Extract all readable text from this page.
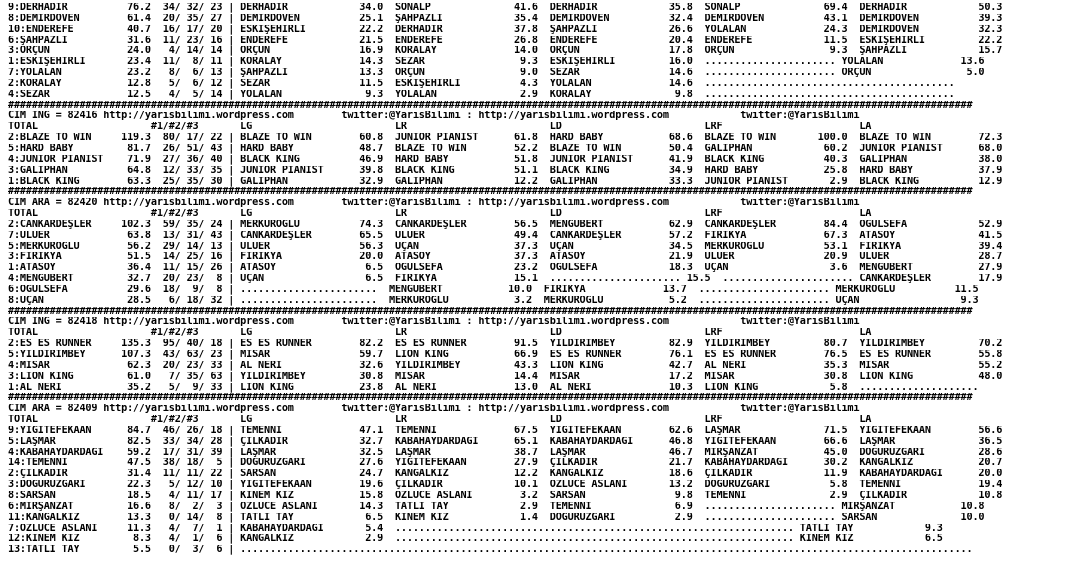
9:DERHADIR          76.2  34/ 32/ 23 | DERHADIR            34.0  SONALP              41.6  DERHADIR            35.8  SONALP              69.4  DERHADIR            50.3
8:DEMIRDÖVEN        61.4  20/ 35/ 27 | DEMIRDÖVEN          25.1  ŞAHPAZLI            35.4  DEMIRDÖVEN          32.4  DEMIRDÖVEN          43.1  DEMIRDÖVEN          39.3
10:ENDEREFE         40.7  16/ 17/ 20 | ESKİŞEHİRLİ         22.2  DERHADIR            37.8  ŞAHPAZLI            26.6  YOLALAN             24.3  DEMIRDÖVEN          32.3
6:ŞAHPAZLI          31.6  11/ 23/ 16 | ENDEREFE            21.5  ENDEREFE            26.8  ENDEREFE            20.4  ENDEREFE            11.5  ESKİŞEHİRLİ         22.2
3:ORÇUN             24.0   4/ 14/ 14 | ORÇUN               16.9  KORALAY             14.0  ORÇUN               17.8  ORÇUN                9.3  ŞAHPAZLI            15.7
1:ESKİŞEHİRLİ       23.4  11/  8/ 11 | KORALAY             14.3  SEZAR                9.3  ESKİŞEHİRLİ         16.0  ...................... YOLALAN             13.6
7:YOLALAN           23.2   8/  6/ 13 | ŞAHPAZLI            13.3  ORÇUN                9.0  SEZAR               14.6  ...................... ORÇUN                5.0
2:KORALAY           12.8   5/  6/ 12 | SEZAR               11.5  ESKİŞEHİRLİ          4.3  YOLALAN             14.6  ..........................................
4:SEZAR             12.5   4/  5/ 14 | YOLALAN              9.3  YOLALAN              2.9  KORALAY              9.8  ..........................................
##################################################################################################################################################################
CIM ING = 82416 http://yarisbilimi.wordpress.com        twitter:@YarisBilimi : http://yarisbilimi.wordpress.com            twitter:@YarisBilimi
TOTAL                   #1/#2/#3       LG                        LR                        LD                        LRF                       LA
2:BLAZE TO WIN     119.3  80/ 17/ 22 | BLAZE TO WIN        60.8  JUNIOR PIANIST      61.8  HARD BABY           68.6  BLAZE TO WIN       100.0  BLAZE TO WIN        72.3
5:HARD BABY         81.7  26/ 51/ 43 | HARD BABY           48.7  BLAZE TO WIN        52.2  BLAZE TO WIN        50.4  GALİPHAN            60.2  JUNIOR PIANIST      68.0
4:JUNIOR PIANIST    71.9  27/ 36/ 40 | BLACK KING          46.9  HARD BABY           51.8  JUNIOR PIANIST      41.9  BLACK KING          40.3  GALİPHAN            38.0
3:GALİPHAN          64.8  12/ 33/ 35 | JUNIOR PIANIST      39.8  BLACK KING          51.1  BLACK KING          34.9  HARD BABY           25.8  HARD BABY           37.9
1:BLACK KING        63.3  25/ 35/ 30 | GALİPHAN            32.9  GALİPHAN            12.2  GALİPHAN            33.3  JUNIOR PIANIST       2.9  BLACK KING          12.9
##################################################################################################################################################################
CIM ARA = 82420 http://yarisbilimi.wordpress.com        twitter:@YarisBilimi : http://yarisbilimi.wordpress.com            twitter:@YarisBilimi
TOTAL                   #1/#2/#3       LG                        LR                        LD                        LRF                       LA
2:CANKARDEŞLER     102.3  59/ 35/ 24 | MERKÜROĞLU          74.3  CANKARDEŞLER        56.5  MENGÜBERT           62.9  CANKARDEŞLER        84.4  OĞULSEFA            52.9
7:ULUER             63.8  13/ 31/ 43 | CANKARDEŞLER        65.5  ULUER               49.4  CANKARDEŞLER        57.2  FİRİKYA             67.3  ATASOY              41.5
5:MERKÜROĞLU        56.2  29/ 14/ 13 | ULUER               56.3  UÇAN                37.3  UÇAN                34.5  MERKÜROĞLU          53.1  FİRİKYA             39.4
3:FİRİKYA           51.5  14/ 25/ 16 | FİRİKYA             20.0  ATASOY              37.3  ATASOY              21.9  ULUER               20.9  ULUER               28.7
1:ATASOY            36.4  11/ 15/ 26 | ATASOY               6.5  OĞULSEFA            23.2  OĞULSEFA            18.3  UÇAN                 3.6  MENGÜBERT           27.9
4:MENGÜBERT         32.7  20/ 23/  8 | UÇAN                 6.5  FİRİKYA             15.1  ...................... 15.5  ...................... CANKARDEŞLER        17.9
6:OĞULSEFA          29.6  18/  9/  8 | .......................  MENGÜBERT           10.0  FİRİKYA             13.7  ...................... MERKÜROĞLU          11.5
8:UÇAN              28.5   6/ 18/ 32 | .......................  MERKÜROĞLU           3.2  MERKÜROĞLU           5.2  ...................... UÇAN                 9.3
##################################################################################################################################################################
CIM ING = 82418 http://yarisbilimi.wordpress.com        twitter:@YarisBilimi : http://yarisbilimi.wordpress.com            twitter:@YarisBilimi
TOTAL                   #1/#2/#3       LG                        LR                        LD                        LRF                       LA
2:ES ES RUNNER     135.3  95/ 40/ 18 | ES ES RUNNER        82.2  ES ES RUNNER        91.5  YILDIRIMBEY         82.9  YILDIRIMBEY         80.7  YILDIRIMBEY         70.2
5:YILDIRIMBEY      107.3  43/ 63/ 23 | MISAR               59.7  LION KING           66.9  ES ES RUNNER        76.1  ES ES RUNNER        76.5  ES ES RUNNER        55.8
4:MISAR             62.3  20/ 23/ 33 | AL NERİ             32.6  YILDIRIMBEY         43.3  LION KING           42.7  AL NERİ             35.3  MISAR               55.2
3:LION KING         61.0   7/ 35/ 63 | YILDIRIMBEY         30.8  MISAR               14.4  MISAR               17.2  MISAR               30.8  LION KING           48.0
1:AL NERİ           35.2   5/  9/ 33 | LION KING           23.8  AL NERİ             13.0  AL NERİ             10.3  LION KING            5.8  ....................
##################################################################################################################################################################
CIM ARA = 82409 http://yarisbilimi.wordpress.com        twitter:@YarisBilimi : http://yarisbilimi.wordpress.com            twitter:@YarisBilimi
TOTAL                   #1/#2/#3       LG                        LR                        LD                        LRF                       LA
9:YİĞİTEFEKAAN      84.7  46/ 26/ 18 | TEMENNİ             47.1  TEMENNİ             67.5  YİĞİTEFEKAAN        62.6  LAŞMAR              71.5  YİĞİTEFEKAAN        56.6
5:LAŞMAR            82.5  33/ 34/ 28 | ÇILKADIR            32.7  KABAHAYDARDAĞI      65.1  KABAHAYDARDAĞI      46.8  YİĞİTEFEKAAN        66.6  LAŞMAR              36.5
4:KABAHAYDARDAĞI    59.2  17/ 31/ 39 | LAŞMAR              32.5  LAŞMAR              38.7  LAŞMAR              46.7  MİRŞANZAT           45.0  DOĞURÜZGARI         28.6
14:TEMENNİ          47.5  38/ 18/  5 | DOĞURÜZGARI         27.6  YİĞİTEFEKAAN        27.9  ÇILKADIR            21.7  KABAHAYDARDAĞI      30.2  KANGALKIZ           20.7
2:ÇILKADIR          31.4  11/ 11/ 22 | SARSAN              24.7  KANGALKIZ           12.2  KANGALKIZ           18.6  ÇILKADIR            11.9  KABAHAYDARDAĞI      20.0
3:DOĞURÜZGARI       22.3   5/ 12/ 10 | YİĞİTEFEKAAN        19.6  ÇILKADIR            10.1  ÖZLÜCE ASLANI       13.2  DOĞURÜZGARI          5.8  TEMENNİ             19.4
8:SARSAN            18.5   4/ 11/ 17 | KİNEM KIZ           15.8  ÖZLÜCE ASLANI        3.2  SARSAN               9.8  TEMENNİ              2.9  ÇILKADIR            10.8
6:MİRŞANZAT         16.6   8/  2/  3 | ÖZLÜCE ASLANI       14.3  TATLI TAY            2.9  TEMENNİ              6.9  ...................... MİRŞANZAT           10.8
11:KANGALKIZ        13.3   0/ 14/  8 | TATLI TAY            6.5  KİNEM KIZ            1.4  DOĞURÜZGARI          2.9  ...................... SARSAN              10.0
7:ÖZLÜCE ASLANI     11.3   4/  7/  1 | KABAHAYDARDAĞI       5.4  ................................................................... TATLI TAY            9.3
12:KİNEM KIZ         8.3   4/  1/  6 | KANGALKIZ            2.9  ................................................................... KİNEM KIZ            6.5
13:TATLI TAY         5.5   0/  3/  6 | ...........................................................................................................................
